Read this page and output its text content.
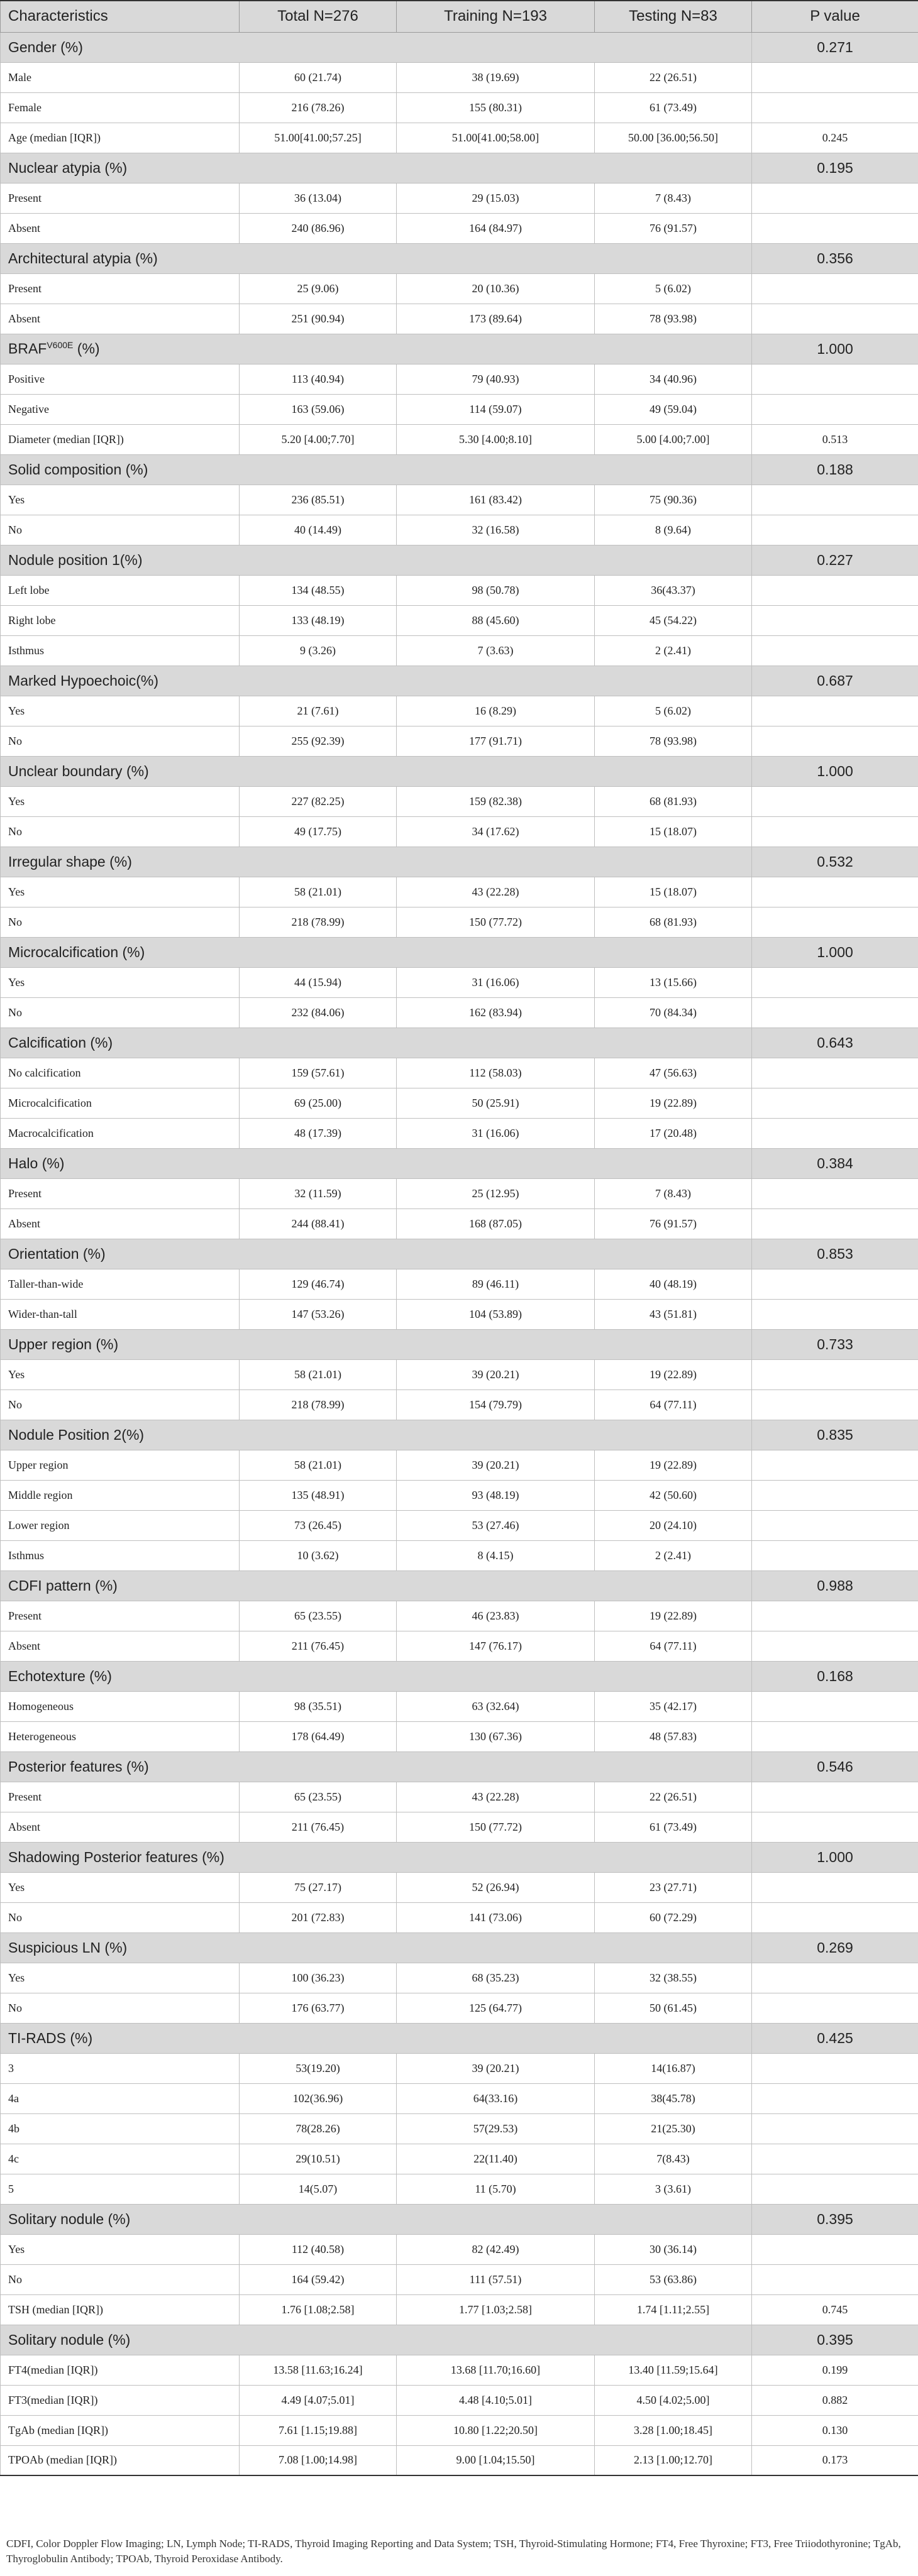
Characteristics	Total N=276	Training N=193	Testing N=83	P value
Gender (%)				0.271
Male	60 (21.74)	38 (19.69)	22 (26.51)	
Female	216 (78.26)	155 (80.31)	61 (73.49)	
Age (median [IQR])	51.00[41.00;57.25]	51.00[41.00;58.00]	50.00 [36.00;56.50]	0.245
Nuclear atypia (%)				0.195
Present	36 (13.04)	29 (15.03)	7 (8.43)	
Absent	240 (86.96)	164 (84.97)	76 (91.57)	
Architectural atypia (%)				0.356
Present	25 (9.06)	20 (10.36)	5 (6.02)	
Absent	251 (90.94)	173 (89.64)	78 (93.98)	
$BRAF^{V600E}$ (%)				1.000
Positive	113 (40.94)	79 (40.93)	34 (40.96)	
Negative	163 (59.06)	114 (59.07)	49 (59.04)	
Diameter (median [IQR])	5.20 [4.00;7.70]	5.30 [4.00;8.10]	5.00 [4.00;7.00]	0.513
Solid composition (%)				0.188
Yes	236 (85.51)	161 (83.42)	75 (90.36)	
No	40 (14.49)	32 (16.58)	8 (9.64)	
Nodule position 1(%)				0.227
Left lobe	134 (48.55)	98 (50.78)	36(43.37)	
Right lobe	133 (48.19)	88 (45.60)	45 (54.22)	
Isthmus	9 (3.26)	7 (3.63)	2 (2.41)	
Marked Hypoechoic(%)				0.687
Yes	21 (7.61)	16 (8.29)	5 (6.02)	
No	255 (92.39)	177 (91.71)	78 (93.98)	
Unclear boundary (%)				1.000
Yes	227 (82.25)	159 (82.38)	68 (81.93)	
No	49 (17.75)	34 (17.62)	15 (18.07)	
Irregular shape (%)				0.532
Yes	58 (21.01)	43 (22.28)	15 (18.07)	
No	218 (78.99)	150 (77.72)	68 (81.93)	
Microcalcification (%)				1.000
Yes	44 (15.94)	31 (16.06)	13 (15.66)	
No	232 (84.06)	162 (83.94)	70 (84.34)	
Calcification (%)				0.643
No calcification	159 (57.61)	112 (58.03)	47 (56.63)	
Microcalcification	69 (25.00)	50 (25.91)	19 (22.89)	
Macrocalcification	48 (17.39)	31 (16.06)	17 (20.48)	
Halo (%)				0.384
Present	32 (11.59)	25 (12.95)	7 (8.43)	
Absent	244 (88.41)	168 (87.05)	76 (91.57)	
Orientation (%)				0.853
Taller-than-wide	129 (46.74)	89 (46.11)	40 (48.19)	
Wider-than-tall	147 (53.26)	104 (53.89)	43 (51.81)	
Upper region (%)				0.733
Yes	58 (21.01)	39 (20.21)	19 (22.89)	
No	218 (78.99)	154 (79.79)	64 (77.11)	
Nodule Position 2(%)				0.835
Upper region	58 (21.01)	39 (20.21)	19 (22.89)	
Middle region	135 (48.91)	93 (48.19)	42 (50.60)	
Lower region	73 (26.45)	53 (27.46)	20 (24.10)	
Isthmus	10 (3.62)	8 (4.15)	2 (2.41)	
CDFI pattern (%)				0.988
Present	65 (23.55)	46 (23.83)	19 (22.89)	
Absent	211 (76.45)	147 (76.17)	64 (77.11)	
Echotexture (%)				0.168
Homogeneous	98 (35.51)	63 (32.64)	35 (42.17)	
Heterogeneous	178 (64.49)	130 (67.36)	48 (57.83)	
Posterior features (%)				0.546
Present	65 (23.55)	43 (22.28)	22 (26.51)	
Absent	211 (76.45)	150 (77.72)	61 (73.49)	
Shadowing Posterior features (%)				1.000
Yes	75 (27.17)	52 (26.94)	23 (27.71)	
No	201 (72.83)	141 (73.06)	60 (72.29)	
Suspicious LN (%)				0.269
Yes	100 (36.23)	68 (35.23)	32 (38.55)	
No	176 (63.77)	125 (64.77)	50 (61.45)	
TI-RADS (%)				0.425
3	53(19.20)	39 (20.21)	14(16.87)	
4a	102(36.96)	64(33.16)	38(45.78)	
4b	78(28.26)	57(29.53)	21(25.30)	
4c	29(10.51)	22(11.40)	7(8.43)	
5	14(5.07)	11 (5.70)	3 (3.61)	
Solitary nodule (%)				0.395
Yes	112 (40.58)	82 (42.49)	30 (36.14)	
No	164 (59.42)	111 (57.51)	53 (63.86)	
TSH (median [IQR])	1.76 [1.08;2.58]	1.77 [1.03;2.58]	1.74 [1.11;2.55]	0.745
Solitary nodule (%)				0.395
FT4(median [IQR])	13.58 [11.63;16.24]	13.68 [11.70;16.60]	13.40 [11.59;15.64]	0.199
FT3(median [IQR])	4.49 [4.07;5.01]	4.48 [4.10;5.01]	4.50 [4.02;5.00]	0.882
TgAb (median [IQR])	7.61 [1.15;19.88]	10.80 [1.22;20.50]	3.28 [1.00;18.45]	0.130
TPOAb (median [IQR])	7.08 [1.00;14.98]	9.00 [1.04;15.50]	2.13 [1.00;12.70]	0.173
CDFI, Color Doppler Flow Imaging; LN, Lymph Node; TI-RADS, Thyroid Imaging Reporting and Data System; TSH, Thyroid-Stimulating Hormone; FT4, Free Thyroxine; FT3, Free Triiodothyronine; TgAb, Thyroglobulin Antibody; TPOAb, Thyroid Peroxidase Antibody.
